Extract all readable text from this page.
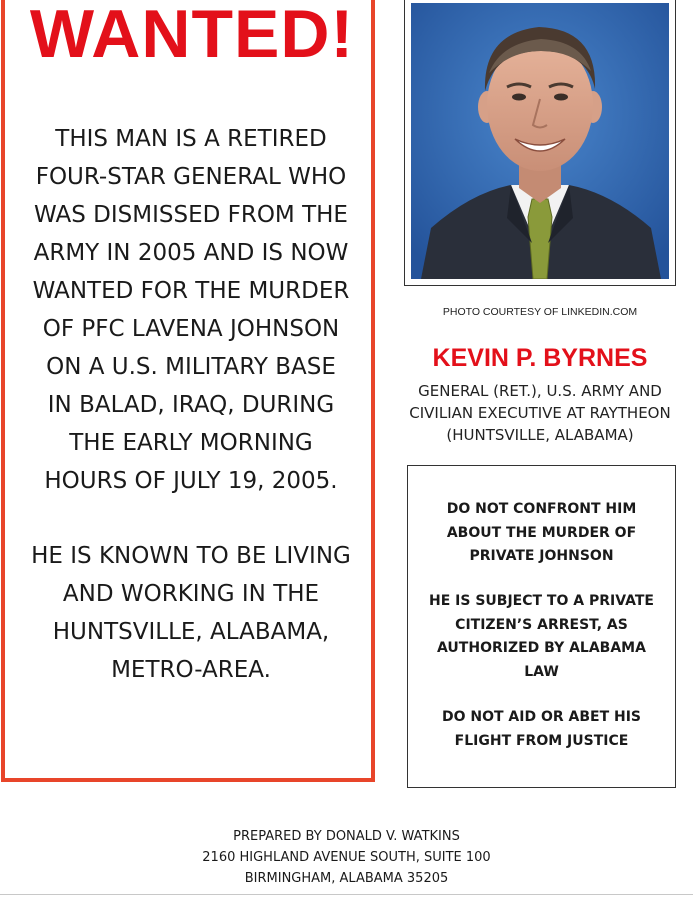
WANTED!
THIS MAN IS A RETIRED
FOUR-STAR GENERAL WHO
WAS DISMISSED FROM THE
ARMY IN 2005 AND IS NOW
WANTED FOR THE MURDER
OF PFC LAVENA JOHNSON
ON A U.S. MILITARY BASE
IN BALAD, IRAQ, DURING
THE EARLY MORNING
HOURS OF JULY 19, 2005.
HE IS KNOWN TO BE LIVING
AND WORKING IN THE
HUNTSVILLE, ALABAMA,
METRO-AREA.
PHOTO COURTESY OF LINKEDIN.COM
KEVIN P. BYRNES
GENERAL (RET.), U.S. ARMY AND
CIVILIAN EXECUTIVE AT RAYTHEON
(HUNTSVILLE, ALABAMA)
DO NOT CONFRONT HIM
ABOUT THE MURDER OF
PRIVATE JOHNSON
HE IS SUBJECT TO A PRIVATE
CITIZEN’S ARREST, AS
AUTHORIZED BY ALABAMA
LAW
DO NOT AID OR ABET HIS
FLIGHT FROM JUSTICE
PREPARED BY DONALD V. WATKINS
2160 HIGHLAND AVENUE SOUTH, SUITE 100
BIRMINGHAM, ALABAMA 35205
